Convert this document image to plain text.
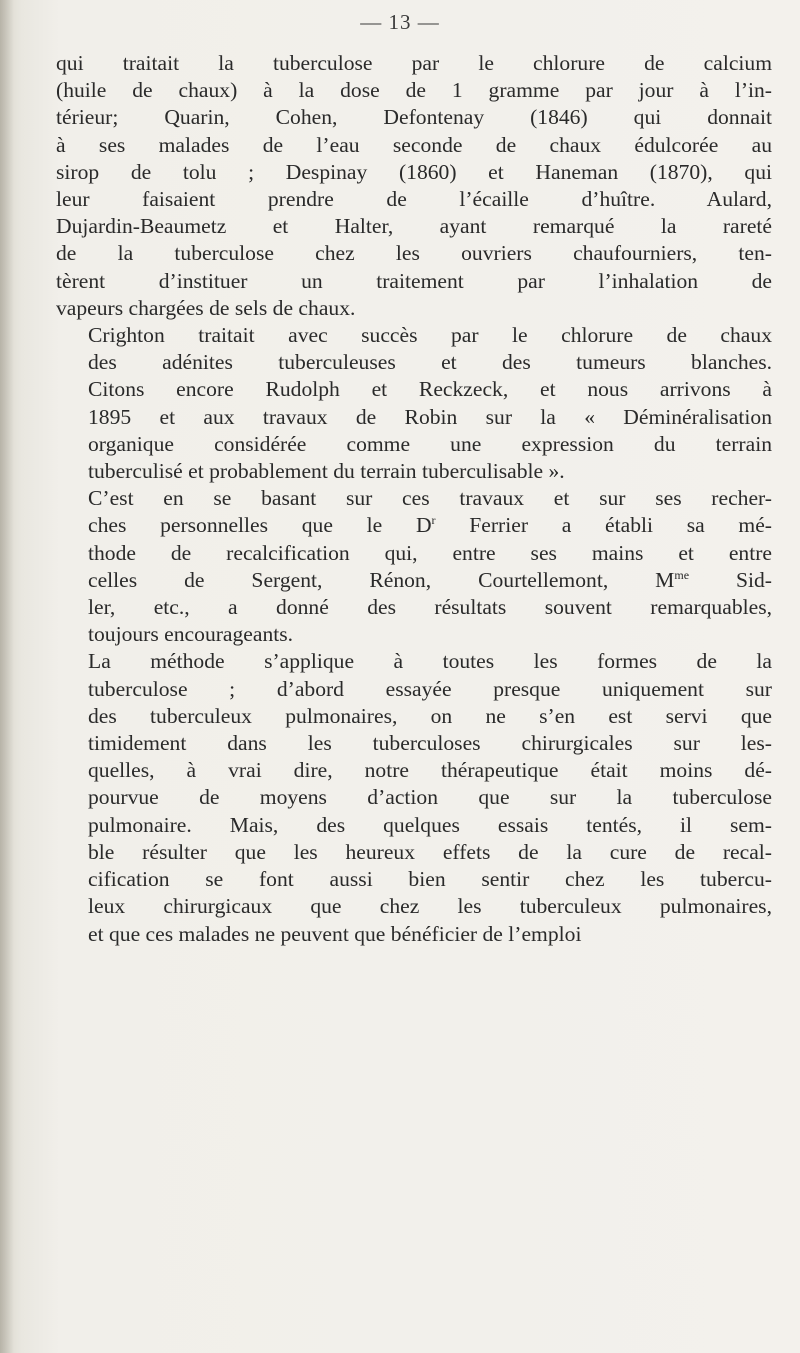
— 13 —

qui traitait la tuberculose par le chlorure de calcium
(huile de chaux) à la dose de 1 gramme par jour à l’in-
térieur; Quarin, Cohen, Defontenay (1846) qui donnait
à ses malades de l’eau seconde de chaux édulcorée au
sirop de tolu ; Despinay (1860) et Haneman (1870), qui
leur faisaient prendre de l’écaille d’huître. Aulard,
Dujardin-Beaumetz et Halter, ayant remarqué la rareté
de la tuberculose chez les ouvriers chaufourniers, ten-
tèrent d’instituer un traitement par l’inhalation de
vapeurs chargées de sels de chaux.

Crighton traitait avec succès par le chlorure de chaux
des adénites tuberculeuses et des tumeurs blanches.
Citons encore Rudolph et Reckzeck, et nous arrivons à
1895 et aux travaux de Robin sur la « Déminéralisation
organique considérée comme une expression du terrain
tuberculisé et probablement du terrain tuberculisable ».

C’est en se basant sur ces travaux et sur ses recher-
ches personnelles que le $D^r$ Ferrier a établi sa mé-
thode de recalcification qui, entre ses mains et entre
celles de Sergent, Rénon, Courtellemont, $M^{me}$ Sid-
ler, etc., a donné des résultats souvent remarquables,
toujours encourageants.

La méthode s’applique à toutes les formes de la
tuberculose ; d’abord essayée presque uniquement sur
des tuberculeux pulmonaires, on ne s’en est servi que
timidement dans les tuberculoses chirurgicales sur les-
quelles, à vrai dire, notre thérapeutique était moins dé-
pourvue de moyens d’action que sur la tuberculose
pulmonaire. Mais, des quelques essais tentés, il sem-
ble résulter que les heureux effets de la cure de recal-
cification se font aussi bien sentir chez les tubercu-
leux chirurgicaux que chez les tuberculeux pulmonaires,
et que ces malades ne peuvent que bénéficier de l’emploi
